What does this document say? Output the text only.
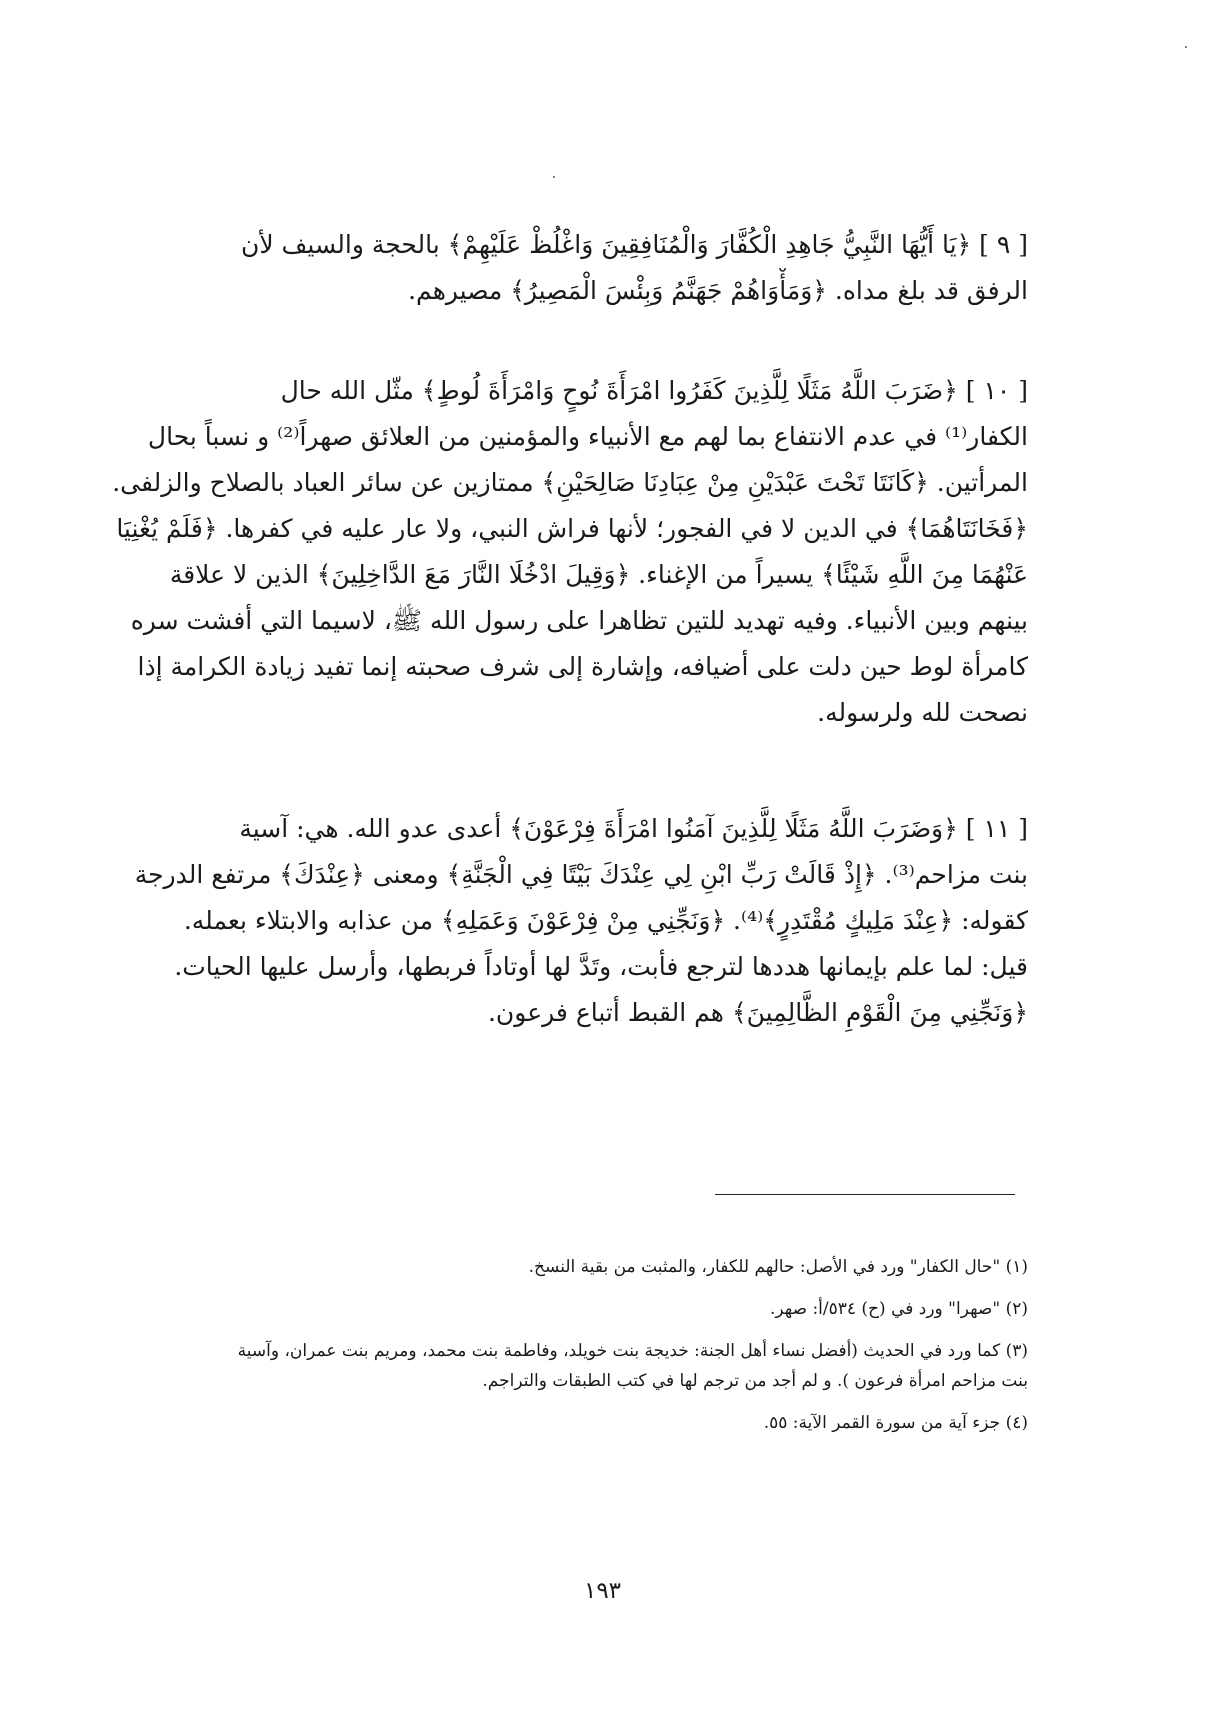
[ ٩ ] ﴿يَا أَيُّهَا النَّبِيُّ جَاهِدِ الْكُفَّارَ وَالْمُنَافِقِينَ وَاغْلُظْ عَلَيْهِمْ﴾ بالحجة والسيف لأن
الرفق قد بلغ مداه. ﴿وَمَأْوَاهُمْ جَهَنَّمُ وَبِئْسَ الْمَصِيرُ﴾ مصيرهم.
[ ١٠ ] ﴿ضَرَبَ اللَّهُ مَثَلًا لِلَّذِينَ كَفَرُوا امْرَأَةَ نُوحٍ وَامْرَأَةَ لُوطٍ﴾ مثّل الله حال
الكفار⁽¹⁾ في عدم الانتفاع بما لهم مع الأنبياء والمؤمنين من العلائق صهراً⁽²⁾ و نسباً بحال
المرأتين. ﴿كَانَتَا تَحْتَ عَبْدَيْنِ مِنْ عِبَادِنَا صَالِحَيْنِ﴾ ممتازين عن سائر العباد بالصلاح والزلفى.
﴿فَخَانَتَاهُمَا﴾ في الدين لا في الفجور؛ لأنها فراش النبي، ولا عار عليه في كفرها. ﴿فَلَمْ يُغْنِيَا
عَنْهُمَا مِنَ اللَّهِ شَيْئًا﴾ يسيراً من الإغناء. ﴿وَقِيلَ ادْخُلَا النَّارَ مَعَ الدَّاخِلِينَ﴾ الذين لا علاقة
بينهم وبين الأنبياء. وفيه تهديد للتين تظاهرا على رسول الله ﷺ، لاسيما التي أفشت سره
كامرأة لوط حين دلت على أضيافه، وإشارة إلى شرف صحبته إنما تفيد زيادة الكرامة إذا
نصحت لله ولرسوله.
[ ١١ ] ﴿وَضَرَبَ اللَّهُ مَثَلًا لِلَّذِينَ آمَنُوا امْرَأَةَ فِرْعَوْنَ﴾ أعدى عدو الله. هي: آسية
بنت مزاحم⁽³⁾. ﴿إِذْ قَالَتْ رَبِّ ابْنِ لِي عِنْدَكَ بَيْتًا فِي الْجَنَّةِ﴾ ومعنى ﴿عِنْدَكَ﴾ مرتفع الدرجة
كقوله: ﴿عِنْدَ مَلِيكٍ مُقْتَدِرٍ﴾⁽⁴⁾. ﴿وَنَجِّنِي مِنْ فِرْعَوْنَ وَعَمَلِهِ﴾ من عذابه والابتلاء بعمله.
قيل: لما علم بإيمانها هددها لترجع فأبت، وتَدَّ لها أوتاداً فربطها، وأرسل عليها الحيات.
﴿وَنَجِّنِي مِنَ الْقَوْمِ الظَّالِمِينَ﴾ هم القبط أتباع فرعون.
(١) "حال الكفار" ورد في الأصل: حالهم للكفار، والمثبت من بقية النسخ.
(٢) "صهرا" ورد في (ح) ٥٣٤/أ: صهر.
(٣) كما ورد في الحديث (أفضل نساء أهل الجنة: خديجة بنت خويلد، وفاطمة بنت محمد، ومريم بنت عمران، وآسية
بنت مزاحم امرأة فرعون ). و لم أجد من ترجم لها في كتب الطبقات والتراجم.
(٤) جزء آية من سورة القمر الآية: ٥٥.
١٩٣
